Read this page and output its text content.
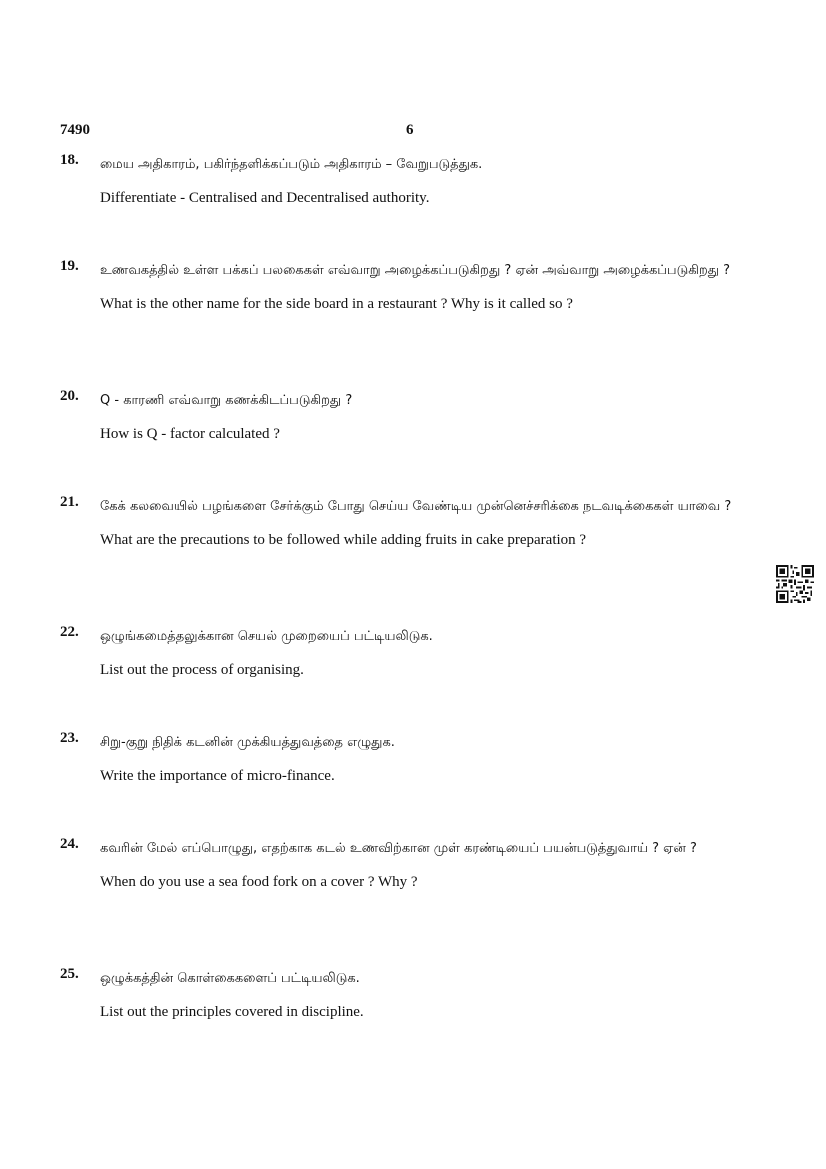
7490	6
18. மைய அதிகாரம், பகிர்ந்தளிக்கப்படும் அதிகாரம் – வேறுபடுத்துக.
Differentiate - Centralised and Decentralised authority.
19. உணவகத்தில் உள்ள பக்கப் பலகைகள் எவ்வாறு அழைக்கப்படுகிறது ? ஏன் அவ்வாறு அழைக்கப்படுகிறது ?
What is the other name for the side board in a restaurant ? Why is it called so ?
20. Q - காரணி எவ்வாறு கணக்கிடப்படுகிறது ?
How is Q - factor calculated ?
21. கேக் கலவையில் பழங்களை சேர்க்கும் போது செய்ய வேண்டிய முன்னெச்சரிக்கை நடவடிக்கைகள் யாவை ?
What are the precautions to be followed while adding fruits in cake preparation ?
22. ஒழுங்கமைத்தலுக்கான செயல் முறையைப் பட்டியலிடுக.
List out the process of organising.
23. சிறு-குறு நிதிக் கடனின் முக்கியத்துவத்தை எழுதுக.
Write the importance of micro-finance.
24. கவரின் மேல் எப்பொழுது, எதற்காக கடல் உணவிற்கான முள் கரண்டியைப் பயன்படுத்துவாய் ? ஏன் ?
When do you use a sea food fork on a cover ? Why ?
25. ஒழுக்கத்தின் கொள்கைகளைப் பட்டியலிடுக.
List out the principles covered in discipline.
